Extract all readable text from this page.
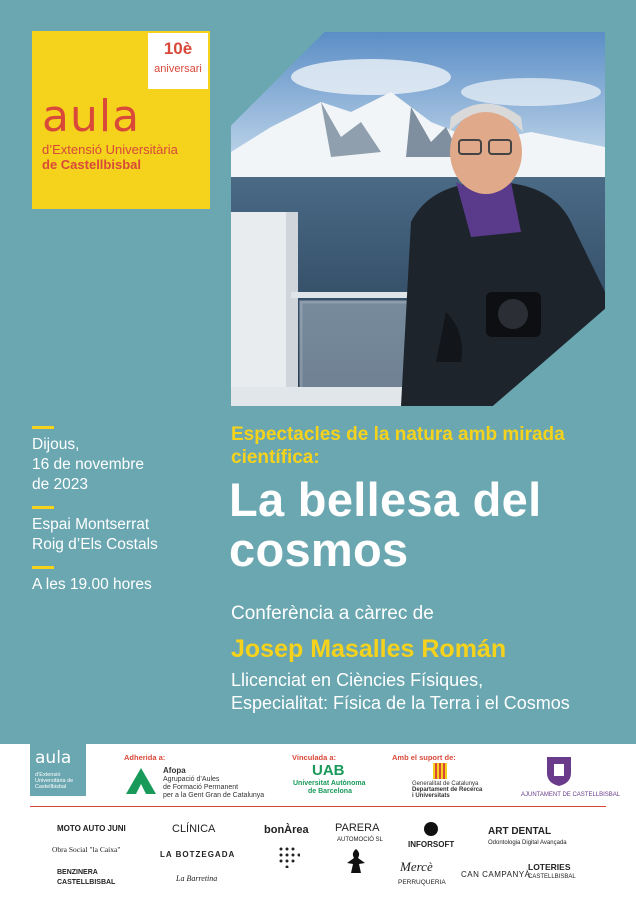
aula
d’Extensió Universitària
de Castellbisbal
10è
aniversari
Dijous,
16 de novembre
de 2023
Espai Montserrat
Roig d’Els Costals
A les 19.00 hores
Espectacles de la natura amb mirada científica:
La bellesa del cosmos
Conferència a càrrec de
Josep Masalles Román
Llicenciat en Ciències Físiques,
Especialitat: Física de la Terra i el Cosmos
aula
d’Extensió Universitària de Castellbisbal
Adherida a:
Afopa
Agrupació d’Aules
de Formació Permanent
per a la Gent Gran de Catalunya
Vinculada a:
UAB
Universitat Autònoma
de Barcelona
Amb el suport de:
Generalitat de Catalunya
Departament de Recerca
i Universitats	AJUNTAMENT DE CASTELLBISBAL
MOTO AUTO JUNI
Obra Social "la Caixa"
BENZINERA CASTELLBISBAL
CLÍNICA
LA BOTZEGADA
La Barretina
bonÀrea PARERA
AUTOMOCIÓ SL	INFORSOFT
Mercè
PERRUQUERIA
ART DENTAL
Odontologia Digital Avançada
CAN CAMPANYÀ
LOTERIES
CASTELLBISBAL
